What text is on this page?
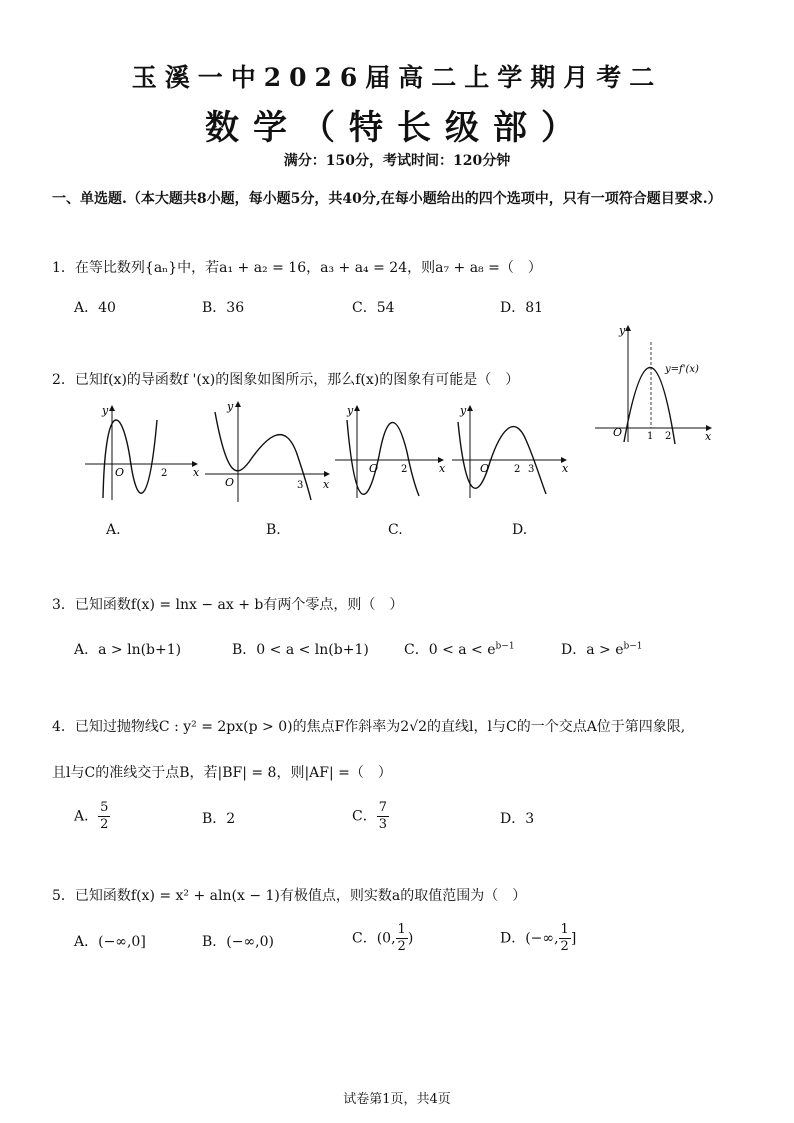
玉溪一中2026届高二上学期月考二
数学（特长级部）
满分：150分，考试时间：120分钟
一、单选题.（本大题共8小题，每小题5分，共40分,在每小题给出的四个选项中，只有一项符合题目要求.）
1．在等比数列{aₙ}中，若a₁ + a₂ = 16，a₃ + a₄ = 24，则a₇ + a₈ =（　）
A．40	B．36	C．54	D．81
2．已知f(x)的导函数f '(x)的图象如图所示，那么f(x)的图象有可能是（　）
y
x
O 1 2
y=f'(x)
y
x
O	2
A.
y
x
O	3
B.
y
x
O 2
C.
y
x
O 2 3
D.
3．已知函数f(x) = lnx − ax + b有两个零点，则（　）
A．a > ln(b+1)	B．0 < a < ln(b+1)	C．$0 < a < e^{b-1}$	D．$a > e^{b-1}$
4．已知过抛物线C : y² = 2px(p > 0)的焦点F作斜率为2√2的直线l，l与C的一个交点A位于第四象限,
且l与C的准线交于点B，若|BF| = 8，则|AF| =（　）
A． $\frac{5}{2}$	B．2	C． $\frac{7}{3}$	D．3
5．已知函数f(x) = x² + aln(x − 1)有极值点，则实数a的取值范围为（　）
A．(−∞,0]	B．(−∞,0)	C．(0, $\frac{1}{2}$ )	D．(−∞, $\frac{1}{2}$ ]
试卷第1页，共4页
